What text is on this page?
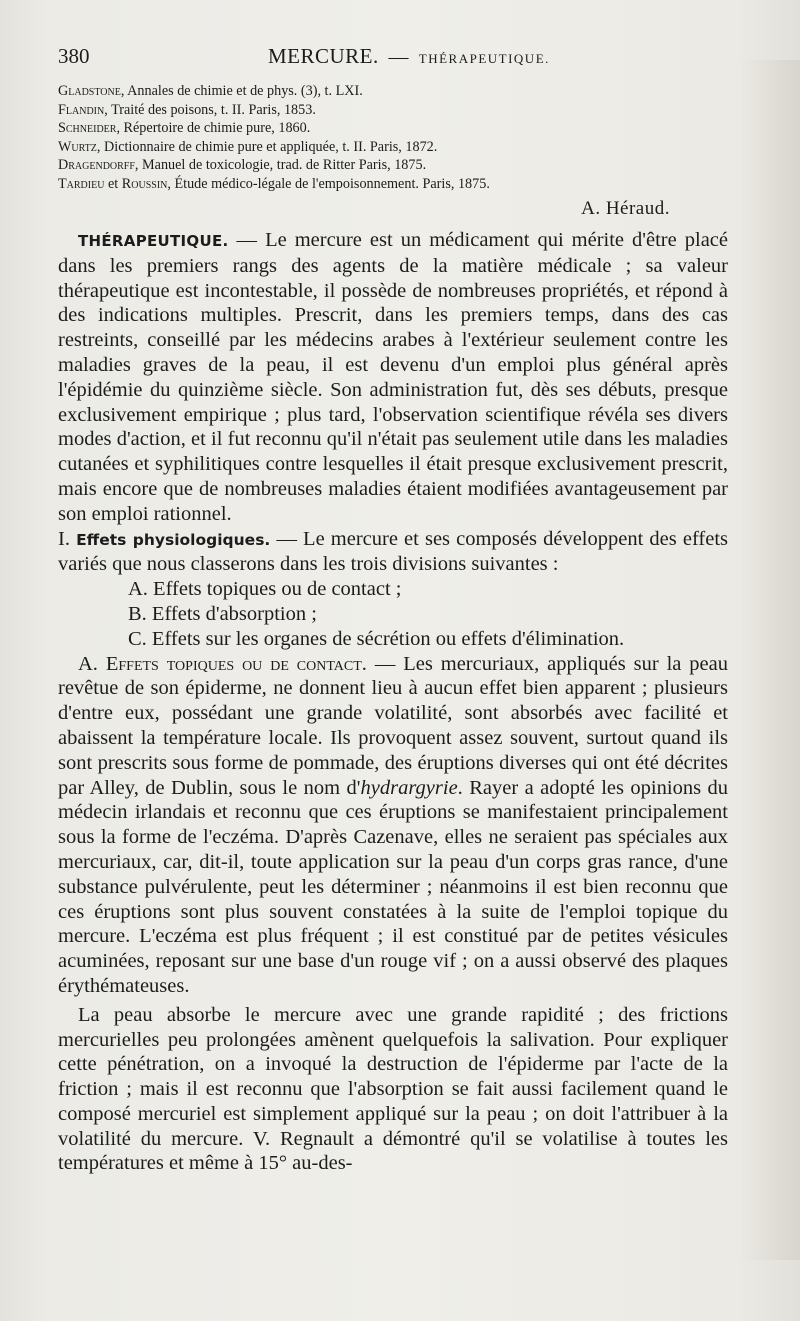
380	MERCURE. — THÉRAPEUTIQUE.
Gladstone, Annales de chimie et de phys. (3), t. LXI.
Flandin, Traité des poisons, t. II. Paris, 1853.
Schneider, Répertoire de chimie pure, 1860.
Wurtz, Dictionnaire de chimie pure et appliquée, t. II. Paris, 1872.
Dragendorff, Manuel de toxicologie, trad. de Ritter Paris, 1875.
Tardieu et Roussin, Étude médico-légale de l'empoisonnement. Paris, 1875.
A. Héraud.

THÉRAPEUTIQUE. — Le mercure est un médicament qui mérite d'être placé dans les premiers rangs des agents de la matière médicale ; sa valeur thérapeutique est incontestable, il possède de nombreuses propriétés, et répond à des indications multiples. Prescrit, dans les premiers temps, dans des cas restreints, conseillé par les médecins arabes à l'extérieur seulement contre les maladies graves de la peau, il est devenu d'un emploi plus général après l'épidémie du quinzième siècle. Son administration fut, dès ses débuts, presque exclusivement empirique ; plus tard, l'observation scientifique révéla ses divers modes d'action, et il fut reconnu qu'il n'était pas seulement utile dans les maladies cutanées et syphilitiques contre lesquelles il était presque exclusivement prescrit, mais encore que de nombreuses maladies étaient modifiées avantageusement par son emploi rationnel.

I. Effets physiologiques. — Le mercure et ses composés développent des effets variés que nous classerons dans les trois divisions suivantes :

A. Effets topiques ou de contact ;

B. Effets d'absorption ;

C. Effets sur les organes de sécrétion ou effets d'élimination.

A. Effets topiques ou de contact. — Les mercuriaux, appliqués sur la peau revêtue de son épiderme, ne donnent lieu à aucun effet bien apparent ; plusieurs d'entre eux, possédant une grande volatilité, sont absorbés avec facilité et abaissent la température locale. Ils provoquent assez souvent, surtout quand ils sont prescrits sous forme de pommade, des éruptions diverses qui ont été décrites par Alley, de Dublin, sous le nom d'hydrargyrie. Rayer a adopté les opinions du médecin irlandais et reconnu que ces éruptions se manifestaient principalement sous la forme de l'eczéma. D'après Cazenave, elles ne seraient pas spéciales aux mercuriaux, car, dit-il, toute application sur la peau d'un corps gras rance, d'une substance pulvérulente, peut les déterminer ; néanmoins il est bien reconnu que ces éruptions sont plus souvent constatées à la suite de l'emploi topique du mercure. L'eczéma est plus fréquent ; il est constitué par de petites vésicules acuminées, reposant sur une base d'un rouge vif ; on a aussi observé des plaques érythémateuses.

La peau absorbe le mercure avec une grande rapidité ; des frictions mercurielles peu prolongées amènent quelquefois la salivation. Pour expliquer cette pénétration, on a invoqué la destruction de l'épiderme par l'acte de la friction ; mais il est reconnu que l'absorption se fait aussi facilement quand le composé mercuriel est simplement appliqué sur la peau ; on doit l'attribuer à la volatilité du mercure. V. Regnault a démontré qu'il se volatilise à toutes les températures et même à 15° au-des-
